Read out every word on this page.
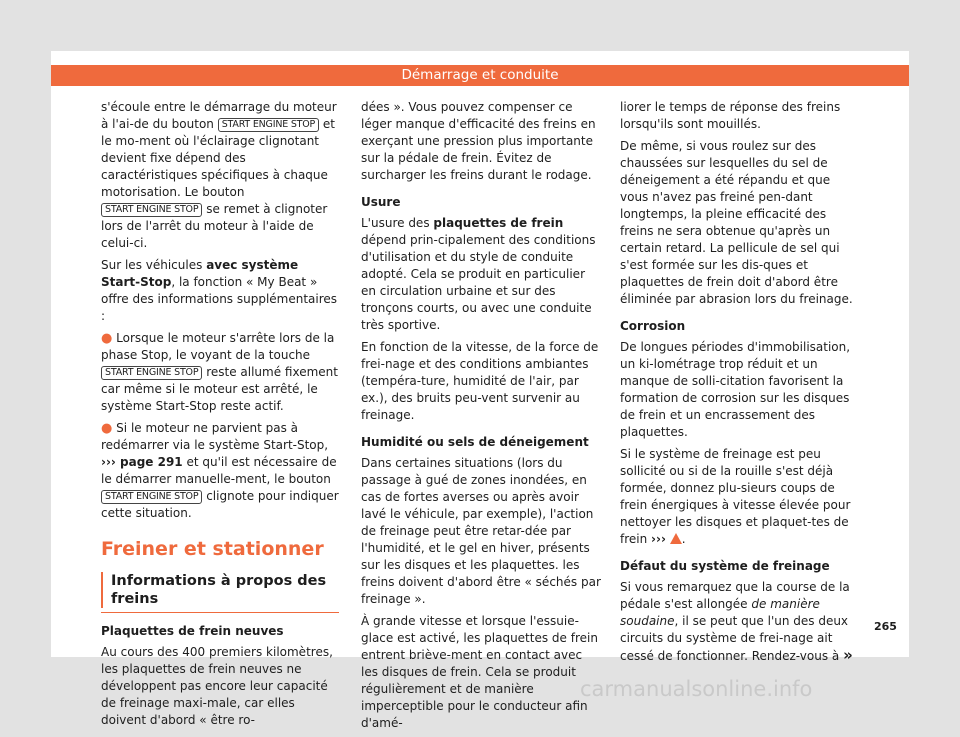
Démarrage et conduite

s'écoule entre le démarrage du moteur à l'ai-de du bouton START ENGINE STOP et le mo-ment où l'éclairage clignotant devient fixe dépend des caractéristiques spécifiques à chaque motorisation. Le bouton START ENGINE STOP se remet à clignoter lors de l'arrêt du moteur à l'aide de celui-ci.

Sur les véhicules avec système Start-Stop, la fonction « My Beat » offre des informations supplémentaires :

● Lorsque le moteur s'arrête lors de la phase Stop, le voyant de la touche START ENGINE STOP reste allumé fixement car même si le moteur est arrêté, le système Start-Stop reste actif.

● Si le moteur ne parvient pas à redémarrer via le système Start-Stop, ››› page 291 et qu'il est nécessaire de le démarrer manuelle-ment, le bouton START ENGINE STOP clignote pour indiquer cette situation.

Freiner et stationner
Informations à propos des freins
Plaquettes de frein neuves

Au cours des 400 premiers kilomètres, les plaquettes de frein neuves ne développent pas encore leur capacité de freinage maxi-male, car elles doivent d'abord « être ro-

dées ». Vous pouvez compenser ce léger manque d'efficacité des freins en exerçant une pression plus importante sur la pédale de frein. Évitez de surcharger les freins durant le rodage.

Usure

L'usure des plaquettes de frein dépend prin-cipalement des conditions d'utilisation et du style de conduite adopté. Cela se produit en particulier en circulation urbaine et sur des tronçons courts, ou avec une conduite très sportive.

En fonction de la vitesse, de la force de frei-nage et des conditions ambiantes (tempéra-ture, humidité de l'air, par ex.), des bruits peu-vent survenir au freinage.

Humidité ou sels de déneigement

Dans certaines situations (lors du passage à gué de zones inondées, en cas de fortes averses ou après avoir lavé le véhicule, par exemple), l'action de freinage peut être retar-dée par l'humidité, et le gel en hiver, présents sur les disques et les plaquettes. les freins doivent d'abord être « séchés par freinage ».

À grande vitesse et lorsque l'essuie-glace est activé, les plaquettes de frein entrent briève-ment en contact avec les disques de frein. Cela se produit régulièrement et de manière imperceptible pour le conducteur afin d'amé-

liorer le temps de réponse des freins lorsqu'ils sont mouillés.

De même, si vous roulez sur des chaussées sur lesquelles du sel de déneigement a été répandu et que vous n'avez pas freiné pen-dant longtemps, la pleine efficacité des freins ne sera obtenue qu'après un certain retard. La pellicule de sel qui s'est formée sur les dis-ques et plaquettes de frein doit d'abord être éliminée par abrasion lors du freinage.

Corrosion

De longues périodes d'immobilisation, un ki-lométrage trop réduit et un manque de solli-citation favorisent la formation de corrosion sur les disques de frein et un encrassement des plaquettes.

Si le système de freinage est peu sollicité ou si de la rouille s'est déjà formée, donnez plu-sieurs coups de frein énergiques à vitesse élevée pour nettoyer les disques et plaquet-tes de frein ››› .

Défaut du système de freinage

Si vous remarquez que la course de la pédale s'est allongée de manière soudaine, il se peut que l'un des deux circuits du système de frei-nage ait cessé de fonctionner. Rendez-vous à »

265
carmanualsonline.info
